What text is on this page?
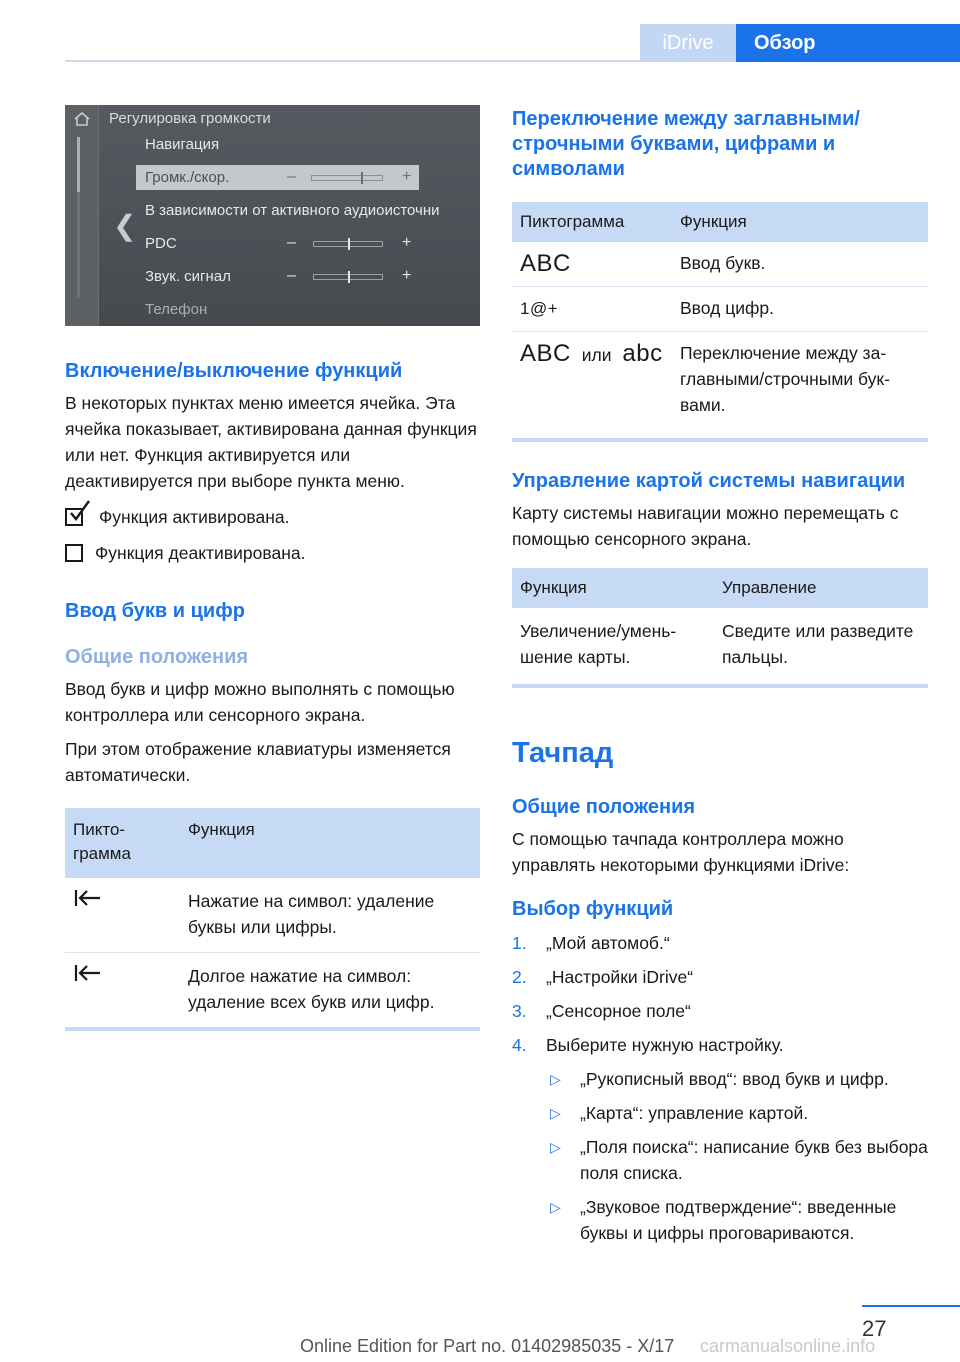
iDrive	Обзор
❮
Регулировка громкости
Навигация
Громк./скор.	–	+
В зависимости от активного аудиоисточни
PDC	–	+
Звук. сигнал	–	+
Телефон
Включение/выключение функций

В некоторых пунктах меню имеется ячейка. Эта ячейка показывает, активирована данная функция или нет. Функция активируется или деактивируется при выборе пункта меню.

Функция активирована.
Функция деактивирована.
Ввод букв и цифр
Общие положения

Ввод букв и цифр можно выполнять с помощью контроллера или сенсорного экрана.

При этом отображение клавиатуры изменяется автоматически.

Пиктограмма	Функция
	Нажатие на символ: удаление буквы или цифры.
	Долгое нажатие на символ: удаление всех букв или цифр.
Переключение между заглавными/строчными буквами, цифрами и символами
Пиктограмма	Функция
ABC	Ввод букв.
1@+	Ввод цифр.
ABC или abc	Переключение между заглавными/строчными буквами.
Управление картой системы навигации

Карту системы навигации можно перемещать с помощью сенсорного экрана.

Функция	Управление
Увеличение/уменьшение карты.	Сведите или разведите пальцы.
Тачпад
Общие положения

С помощью тачпада контроллера можно управлять некоторыми функциями iDrive:

Выбор функций
1.	„Мой автомоб.“
2.	„Настройки iDrive“
3.	„Сенсорное поле“
4.	Выберите нужную настройку.
▷	„Рукописный ввод“: ввод букв и цифр.
▷	„Карта“: управление картой.
▷	„Поля поиска“: написание букв без выбора поля списка.
▷	„Звуковое подтверждение“: введенные буквы и цифры проговариваются.
27
Online Edition for Part no. 01402985035 - X/17 carmanualsonline.info
